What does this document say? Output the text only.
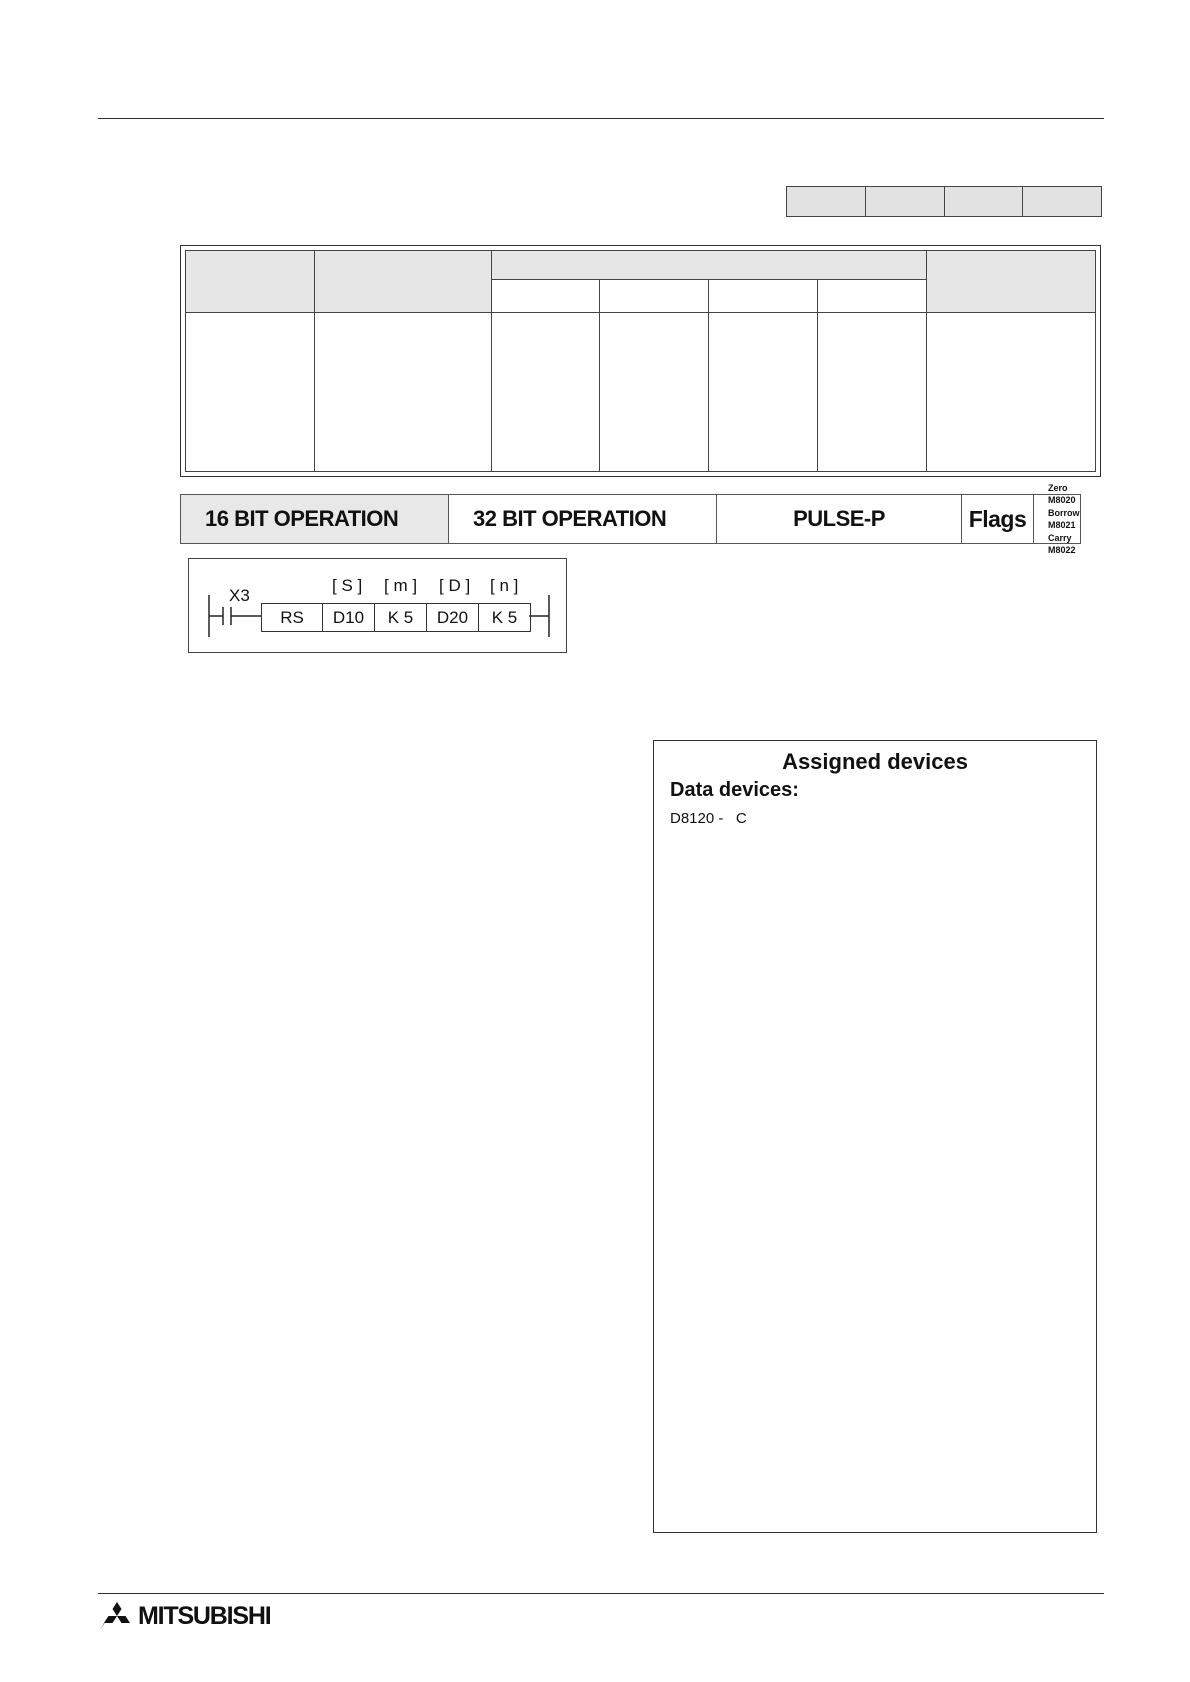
16 BIT OPERATION	32 BIT OPERATION	PULSE-P	Flags
Zero M8020
Borrow M8021
Carry M8022
X3
[ S ] [ m ] [ D ] [ n ]
RS	D10	K 5	D20	K 5
Assigned devices
Data devices:
D8120 -   C
MITSUBISHI
